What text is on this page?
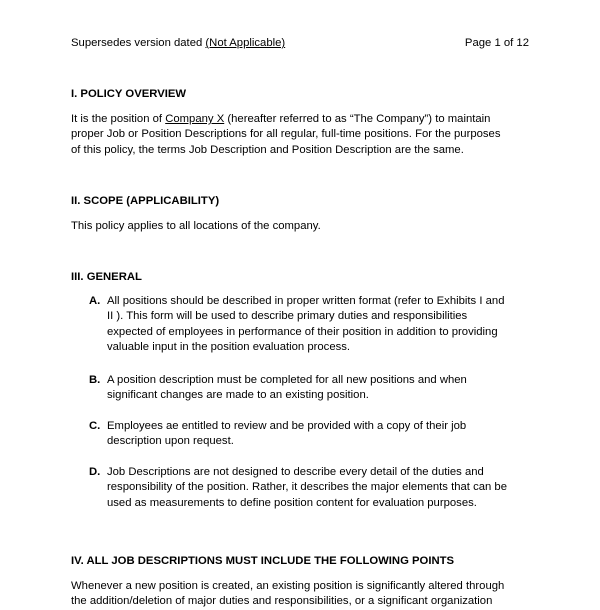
Supersedes version dated (Not Applicable)	Page 1 of 12
I. POLICY OVERVIEW
It is the position of Company X (hereafter referred to as “The Company”) to maintain
proper Job or Position Descriptions for all regular, full-time positions. For the purposes
of this policy, the terms Job Description and Position Description are the same.
II. SCOPE (APPLICABILITY)
This policy applies to all locations of the company.
III. GENERAL
A. All positions should be described in proper written format (refer to Exhibits I and
II ). This form will be used to describe primary duties and responsibilities
expected of employees in performance of their position in addition to providing
valuable input in the position evaluation process.
B. A position description must be completed for all new positions and when
significant changes are made to an existing position.
C. Employees ae entitled to review and be provided with a copy of their job
description upon request.
D. Job Descriptions are not designed to describe every detail of the duties and
responsibility of the position. Rather, it describes the major elements that can be
used as measurements to define position content for evaluation purposes.
IV. ALL JOB DESCRIPTIONS MUST INCLUDE THE FOLLOWING POINTS
Whenever a new position is created, an existing position is significantly altered through
the addition/deletion of major duties and responsibilities, or a significant organization
